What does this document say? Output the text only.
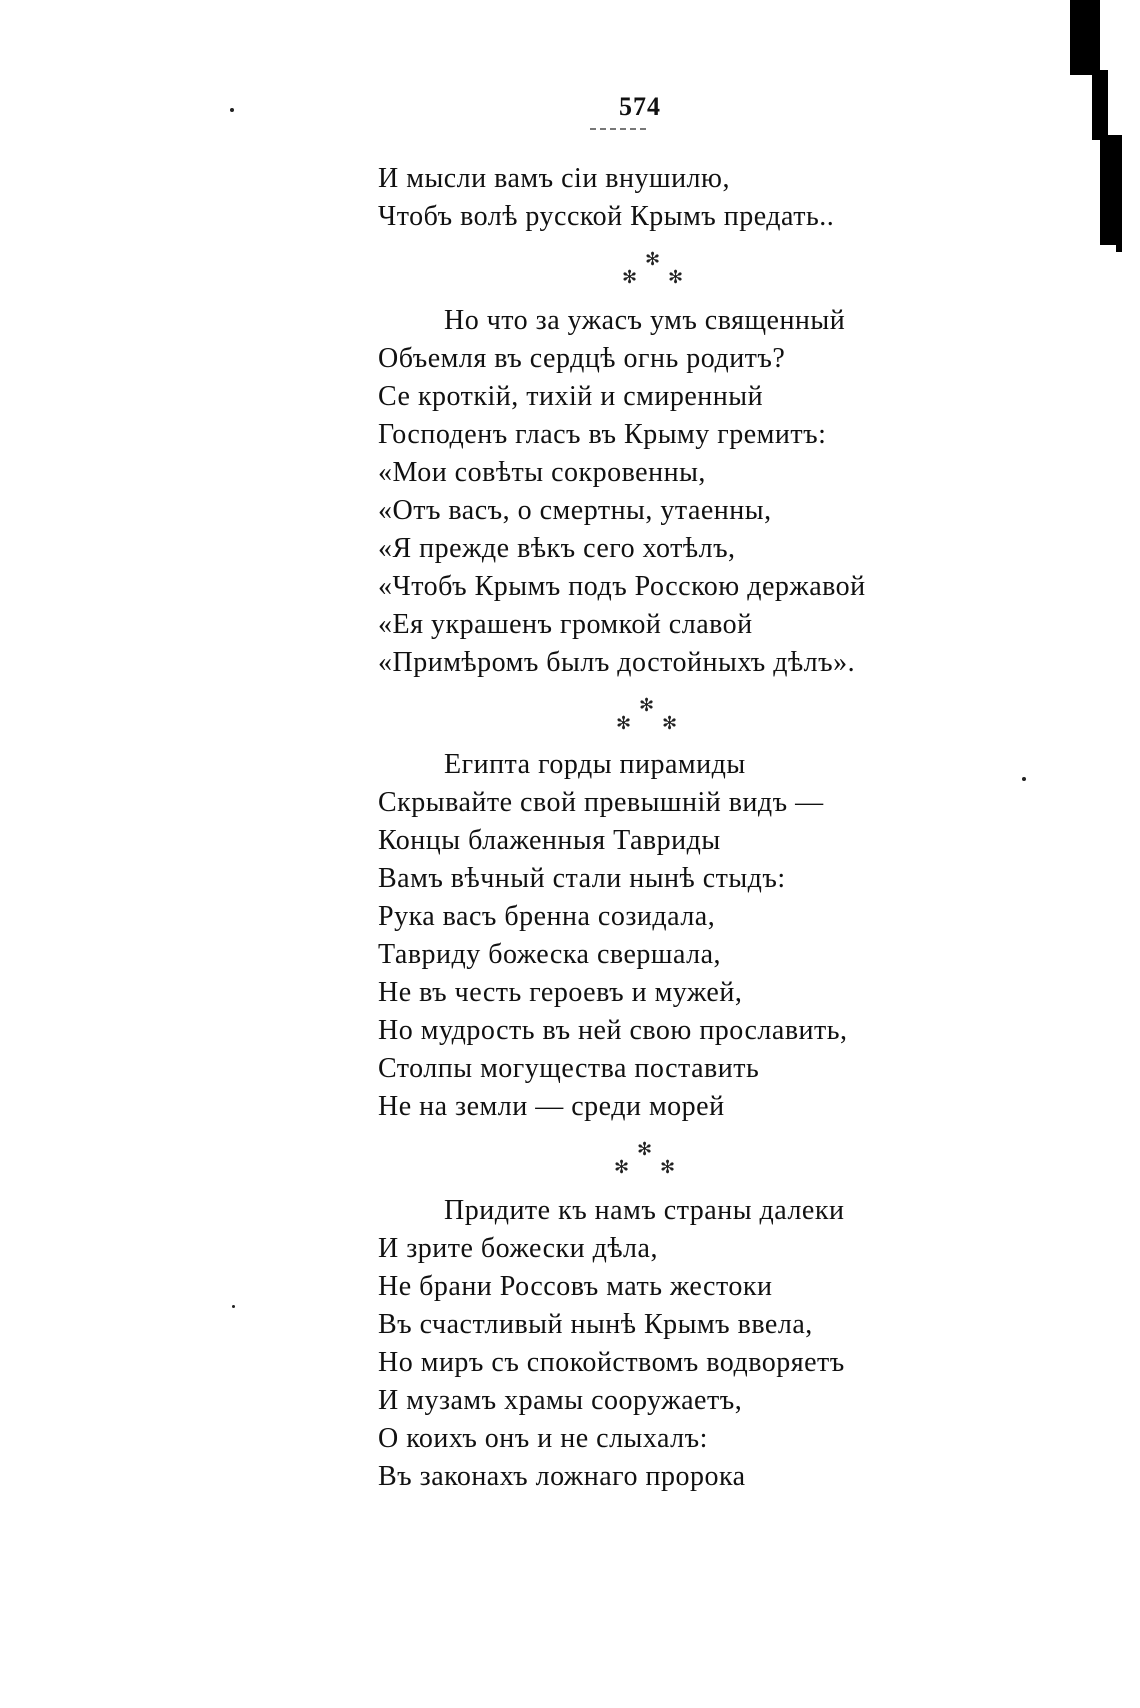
574
И мысли вамъ сіи внушилю,
Чтобъ волѣ русской Крымъ предать..
✻
✻ ✻
Но что за ужасъ умъ священный
Объемля въ сердцѣ огнь родитъ?
Се кроткій, тихій и смиренный
Господенъ гласъ въ Крыму гремитъ:
«Мои совѣты сокровенны,
«Отъ васъ, о смертны, утаенны,
«Я прежде вѣкъ сего хотѣлъ,
«Чтобъ Крымъ подъ Росскою державой
«Ея украшенъ громкой славой
«Примѣромъ былъ достойныхъ дѣлъ».
✻
✻ ✻
Египта горды пирамиды
Скрывайте свой превышній видъ —
Концы блаженныя Тавриды
Вамъ вѣчный стали нынѣ стыдъ:
Рука васъ бренна созидала,
Тавриду божеска свершала,
Не въ честь героевъ и мужей,
Но мудрость въ ней свою прославить,
Столпы могущества поставить
Не на земли — среди морей
✻
✻ ✻
Придите къ намъ страны далеки
И зрите божески дѣла,
Не брани Россовъ мать жестоки
Въ счастливый нынѣ Крымъ ввела,
Но миръ съ спокойствомъ водворяетъ
И музамъ храмы сооружаетъ,
О коихъ онъ и не слыхалъ:
Въ законахъ ложнаго пророка
